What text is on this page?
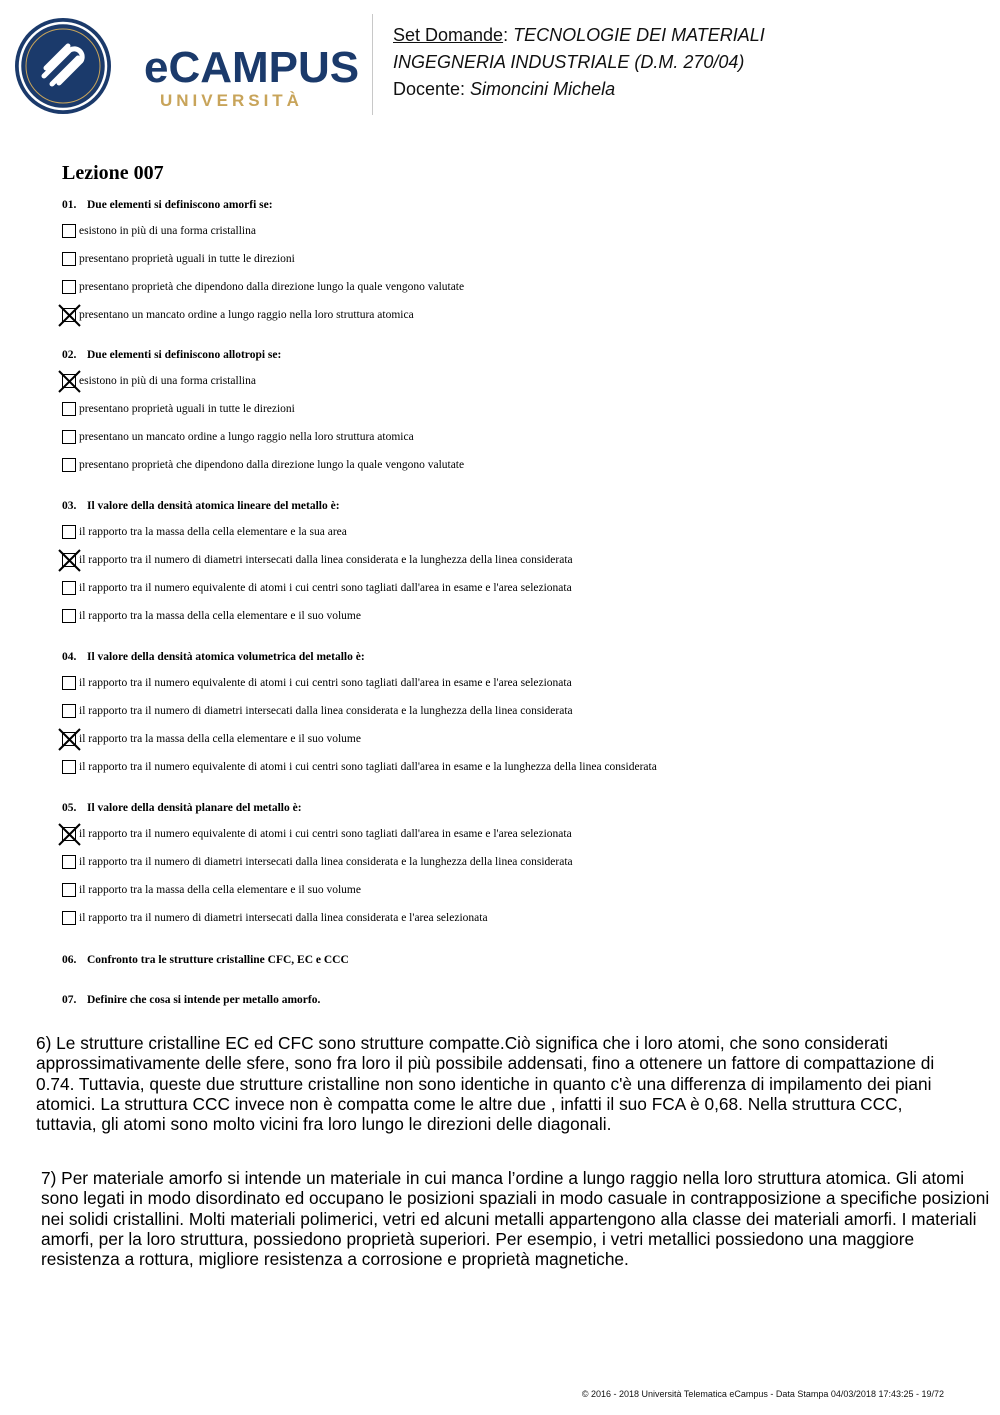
eCAMPUS
UNIVERSITÀ
Set Domande: TECNOLOGIE DEI MATERIALI
INGEGNERIA INDUSTRIALE (D.M. 270/04)
Docente: Simoncini Michela
Lezione 007
01. Due elementi si definiscono amorfi se:
esistono in più di una forma cristallina
presentano proprietà uguali in tutte le direzioni
presentano proprietà che dipendono dalla direzione lungo la quale vengono valutate
presentano un mancato ordine a lungo raggio nella loro struttura atomica
02. Due elementi si definiscono allotropi se:
esistono in più di una forma cristallina
presentano proprietà uguali in tutte le direzioni
presentano un mancato ordine a lungo raggio nella loro struttura atomica
presentano proprietà che dipendono dalla direzione lungo la quale vengono valutate
03. Il valore della densità atomica lineare del metallo è:
il rapporto tra la massa della cella elementare e la sua area
il rapporto tra il numero di diametri intersecati dalla linea considerata e la lunghezza della linea considerata
il rapporto tra il numero equivalente di atomi i cui centri sono tagliati dall'area in esame e l'area selezionata
il rapporto tra la massa della cella elementare e il suo volume
04. Il valore della densità atomica volumetrica del metallo è:
il rapporto tra il numero equivalente di atomi i cui centri sono tagliati dall'area in esame e l'area selezionata
il rapporto tra il numero di diametri intersecati dalla linea considerata e la lunghezza della linea considerata
il rapporto tra la massa della cella elementare e il suo volume
il rapporto tra il numero equivalente di atomi i cui centri sono tagliati dall'area in esame e la lunghezza della linea considerata
05. Il valore della densità planare del metallo è:
il rapporto tra il numero equivalente di atomi i cui centri sono tagliati dall'area in esame e l'area selezionata
il rapporto tra il numero di diametri intersecati dalla linea considerata e la lunghezza della linea considerata
il rapporto tra la massa della cella elementare e il suo volume
il rapporto tra il numero di diametri intersecati dalla linea considerata e l'area selezionata
06. Confronto tra le strutture cristalline CFC, EC e CCC
07. Definire che cosa si intende per metallo amorfo.
6) Le strutture cristalline EC ed CFC sono strutture compatte.Ciò significa che i loro atomi, che sono considerati approssimativamente delle sfere, sono fra loro il più possibile addensati, fino a ottenere un fattore di compattazione di 0.74. Tuttavia, queste due strutture cristalline non sono identiche in quanto c'è una differenza di impilamento dei piani atomici. La struttura CCC invece non è compatta come le altre due , infatti il suo FCA è 0,68. Nella struttura CCC, tuttavia, gli atomi sono molto vicini fra loro lungo le direzioni delle diagonali.
7) Per materiale amorfo si intende un materiale in cui manca l’ordine a lungo raggio nella loro struttura atomica. Gli atomi sono legati in modo disordinato ed occupano le posizioni spaziali in modo casuale in contrapposizione a specifiche posizioni nei solidi cristallini. Molti materiali polimerici, vetri ed alcuni metalli appartengono alla classe dei materiali amorfi. I materiali amorfi, per la loro struttura, possiedono proprietà superiori. Per esempio, i vetri metallici possiedono una maggiore resistenza a rottura, migliore resistenza a corrosione e proprietà magnetiche.
© 2016 - 2018 Università Telematica eCampus - Data Stampa 04/03/2018 17:43:25 - 19/72
